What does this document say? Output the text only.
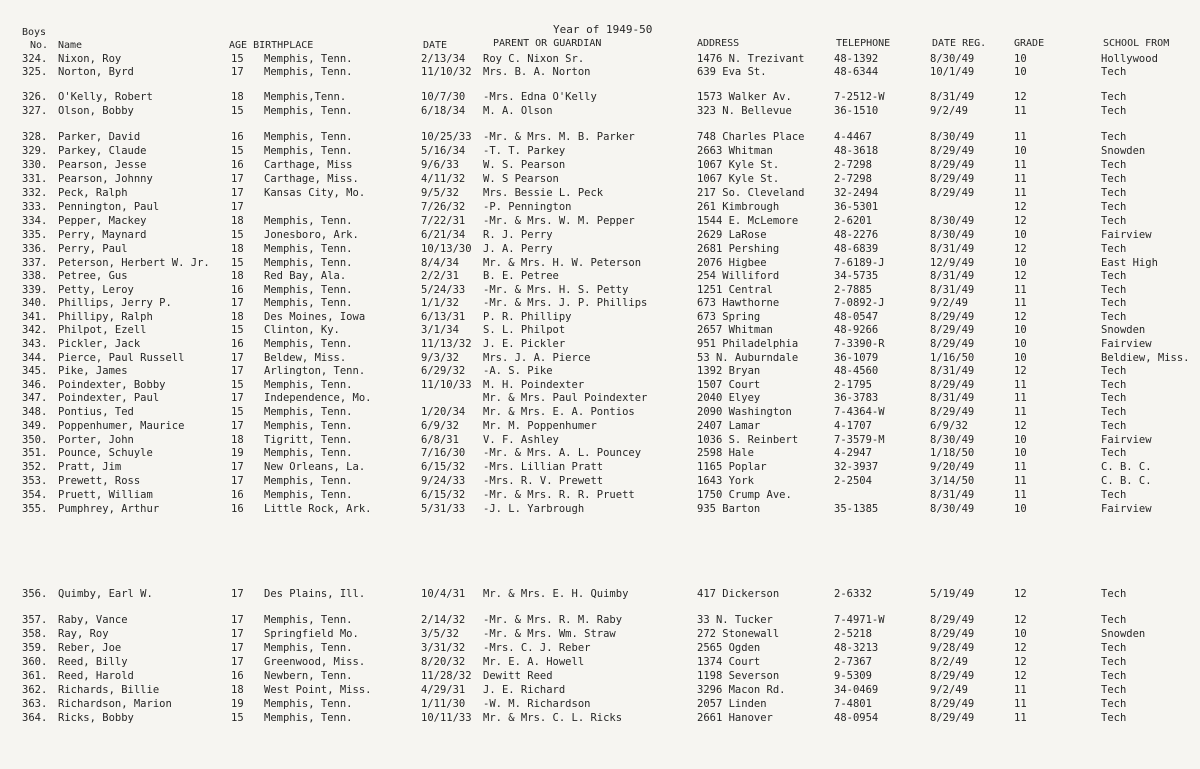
Boys	Year of 1949-50
No. Name	AGE BIRTHPLACE	DATE	PARENT OR GUARDIAN	ADDRESS	TELEPHONE	DATE REG.	GRADE	SCHOOL FROM
324. Nixon, Roy	15 Memphis, Tenn.	2/13/34 Roy C. Nixon Sr.	1476 N. Trezivant	48-1392	8/30/49	10	Hollywood
325. Norton, Byrd	17 Memphis, Tenn.	11/10/32 Mrs. B. A. Norton	639 Eva St.	48-6344	10/1/49	10	Tech
326. O'Kelly, Robert	18 Memphis,Tenn.	10/7/30 -Mrs. Edna O'Kelly	1573 Walker Av.	7-2512-W	8/31/49	12	Tech
327. Olson, Bobby	15 Memphis, Tenn.	6/18/34 M. A. Olson	323 N. Bellevue	36-1510	9/2/49	11	Tech
328. Parker, David	16 Memphis, Tenn.	10/25/33 -Mr. & Mrs. M. B. Parker	748 Charles Place	4-4467	8/30/49	11	Tech
329. Parkey, Claude	15 Memphis, Tenn.	5/16/34 -T. T. Parkey	2663 Whitman	48-3618	8/29/49	10	Snowden
330. Pearson, Jesse	16 Carthage, Miss	9/6/33 W. S. Pearson	1067 Kyle St.	2-7298	8/29/49	11	Tech
331. Pearson, Johnny	17 Carthage, Miss.	4/11/32 W. S Pearson	1067 Kyle St.	2-7298	8/29/49	11	Tech
332. Peck, Ralph	17 Kansas City, Mo.	9/5/32 Mrs. Bessie L. Peck	217 So. Cleveland	32-2494	8/29/49	11	Tech
333. Pennington, Paul	17	7/26/32 -P. Pennington	261 Kimbrough	36-5301	12	Tech
334. Pepper, Mackey	18 Memphis, Tenn.	7/22/31 -Mr. & Mrs. W. M. Pepper	1544 E. McLemore	2-6201	8/30/49	12	Tech
335. Perry, Maynard	15 Jonesboro, Ark.	6/21/34 R. J. Perry	2629 LaRose	48-2276	8/30/49	10	Fairview
336. Perry, Paul	18 Memphis, Tenn.	10/13/30 J. A. Perry	2681 Pershing	48-6839	8/31/49	12	Tech
337. Peterson, Herbert W. Jr. 15 Memphis, Tenn.	8/4/34 Mr. & Mrs. H. W. Peterson	2076 Higbee	7-6189-J	12/9/49	10	East High
338. Petree, Gus	18 Red Bay, Ala.	2/2/31 B. E. Petree	254 Williford	34-5735	8/31/49	12	Tech
339. Petty, Leroy	16 Memphis, Tenn.	5/24/33 -Mr. & Mrs. H. S. Petty	1251 Central	2-7885	8/31/49	11	Tech
340. Phillips, Jerry P.	17 Memphis, Tenn.	1/1/32 -Mr. & Mrs. J. P. Phillips	673 Hawthorne	7-0892-J	9/2/49	11	Tech
341. Phillipy, Ralph	18 Des Moines, Iowa	6/13/31 P. R. Phillipy	673 Spring	48-0547	8/29/49	12	Tech
342. Philpot, Ezell	15 Clinton, Ky.	3/1/34 S. L. Philpot	2657 Whitman	48-9266	8/29/49	10	Snowden
343. Pickler, Jack	16 Memphis, Tenn.	11/13/32 J. E. Pickler	951 Philadelphia	7-3390-R	8/29/49	10	Fairview
344. Pierce, Paul Russell	17 Beldew, Miss.	9/3/32 Mrs. J. A. Pierce	53 N. Auburndale	36-1079	1/16/50	10	Beldiew, Miss.
345. Pike, James	17 Arlington, Tenn.	6/29/32 -A. S. Pike	1392 Bryan	48-4560	8/31/49	12	Tech
346. Poindexter, Bobby	15 Memphis, Tenn.	11/10/33 M. H. Poindexter	1507 Court	2-1795	8/29/49	11	Tech
347. Poindexter, Paul	17 Independence, Mo.	Mr. & Mrs. Paul Poindexter	2040 Elyey	36-3783	8/31/49	11	Tech
348. Pontius, Ted	15 Memphis, Tenn.	1/20/34 Mr. & Mrs. E. A. Pontios	2090 Washington	7-4364-W	8/29/49	11	Tech
349. Poppenhumer, Maurice	17 Memphis, Tenn.	6/9/32 Mr. M. Poppenhumer	2407 Lamar	4-1707	6/9/32	12	Tech
350. Porter, John	18 Tigritt, Tenn.	6/8/31 V. F. Ashley	1036 S. Reinbert	7-3579-M	8/30/49	10	Fairview
351. Pounce, Schuyle	19 Memphis, Tenn.	7/16/30 -Mr. & Mrs. A. L. Pouncey	2598 Hale	4-2947	1/18/50	10	Tech
352. Pratt, Jim	17 New Orleans, La.	6/15/32 -Mrs. Lillian Pratt	1165 Poplar	32-3937	9/20/49	11	C. B. C.
353. Prewett, Ross	17 Memphis, Tenn.	9/24/33 -Mrs. R. V. Prewett	1643 York	2-2504	3/14/50	11	C. B. C.
354. Pruett, William	16 Memphis, Tenn.	6/15/32 -Mr. & Mrs. R. R. Pruett	1750 Crump Ave.	8/31/49	11	Tech
355. Pumphrey, Arthur	16 Little Rock, Ark.	5/31/33 -J. L. Yarbrough	935 Barton	35-1385	8/30/49	10	Fairview
356. Quimby, Earl W.	17 Des Plains, Ill.	10/4/31 Mr. & Mrs. E. H. Quimby	417 Dickerson	2-6332	5/19/49	12	Tech
357. Raby, Vance	17 Memphis, Tenn.	2/14/32 -Mr. & Mrs. R. M. Raby	33 N. Tucker	7-4971-W	8/29/49	12	Tech
358. Ray, Roy	17 Springfield Mo.	3/5/32 -Mr. & Mrs. Wm. Straw	272 Stonewall	2-5218	8/29/49	10	Snowden
359. Reber, Joe	17 Memphis, Tenn.	3/31/32 -Mrs. C. J. Reber	2565 Ogden	48-3213	9/28/49	12	Tech
360. Reed, Billy	17 Greenwood, Miss.	8/20/32 Mr. E. A. Howell	1374 Court	2-7367	8/2/49	12	Tech
361. Reed, Harold	16 Newbern, Tenn.	11/28/32 Dewitt Reed	1198 Severson	9-5309	8/29/49	12	Tech
362. Richards, Billie	18 West Point, Miss.	4/29/31 J. E. Richard	3296 Macon Rd.	34-0469	9/2/49	11	Tech
363. Richardson, Marion	19 Memphis, Tenn.	1/11/30 -W. M. Richardson	2057 Linden	7-4801	8/29/49	11	Tech
364. Ricks, Bobby	15 Memphis, Tenn.	10/11/33 Mr. & Mrs. C. L. Ricks	2661 Hanover	48-0954	8/29/49	11	Tech
